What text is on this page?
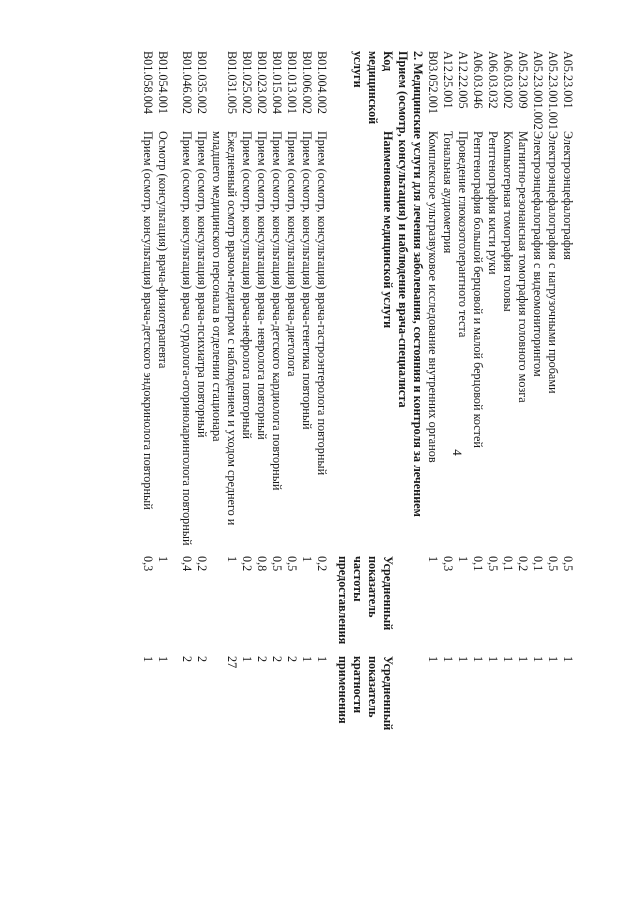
4
A05.23.001
Электроэнцефалография
0,5
1
A05.23.001.001
Электроэнцефалография с нагрузочными пробами
0,5
1
A05.23.001.002
Электроэнцефалография с видеомониторингом
0,1
1
A05.23.009
Магнитно-резонансная томография головного мозга
0,2
1
A06.03.002
Компьютерная томография головы
0,1
1
A06.03.032
Рентгенография кисти руки
0,5
1
A06.03.046
Рентгенография большой берцовой и малой берцовой костей
0,1
1
A12.22.005
Проведение глюкозотолерантного теста
1
1
A12.25.001
Тональная аудиометрия
0,3
1
B03.052.001
Комплексное ультразвуковое исследование внутренних органов
1
1
2. Медицинские услуги для лечения заболевания, состояния и контроля за лечением
Прием (осмотр, консультация) и наблюдение врача-специалиста
Код
медицинской
услуги
Наименование медицинской услуги
Усредненный
показатель
частоты
предоставления
Усредненный
показатель
кратности
применения
B01.004.002
Прием (осмотр, консультация) врача-гастроэнтеролога повторный
0,2
1
B01.006.002
Прием (осмотр, консультация) врача-генетика повторный
1
1
B01.013.001
Прием (осмотр, консультация) врача-диетолога
0,5
2
B01.015.004
Прием (осмотр, консультация) врача-детского кардиолога повторный
0,5
2
B01.023.002
Прием (осмотр, консультация) врача- невролога повторный
0,8
2
B01.025.002
Прием (осмотр, консультация) врача-нефролога повторный
0,2
1
B01.031.005
Ежедневный осмотр врачом-педиатром с наблюдением и уходом среднего и младшего медицинского персонала в отделении стационара
1
27
B01.035.002
Прием (осмотр, консультация) врача-психиатра повторный
0,2
2
B01.046.002
Прием (осмотр, консультация) врача сурдолога-оториноларинголога повторный
0,4
2
B01.054.001
Осмотр (консультация) врача-физиотерапевта
1
1
B01.058.004
Прием (осмотр, консультация) врача-детского эндокринолога повторный
0,3
1
